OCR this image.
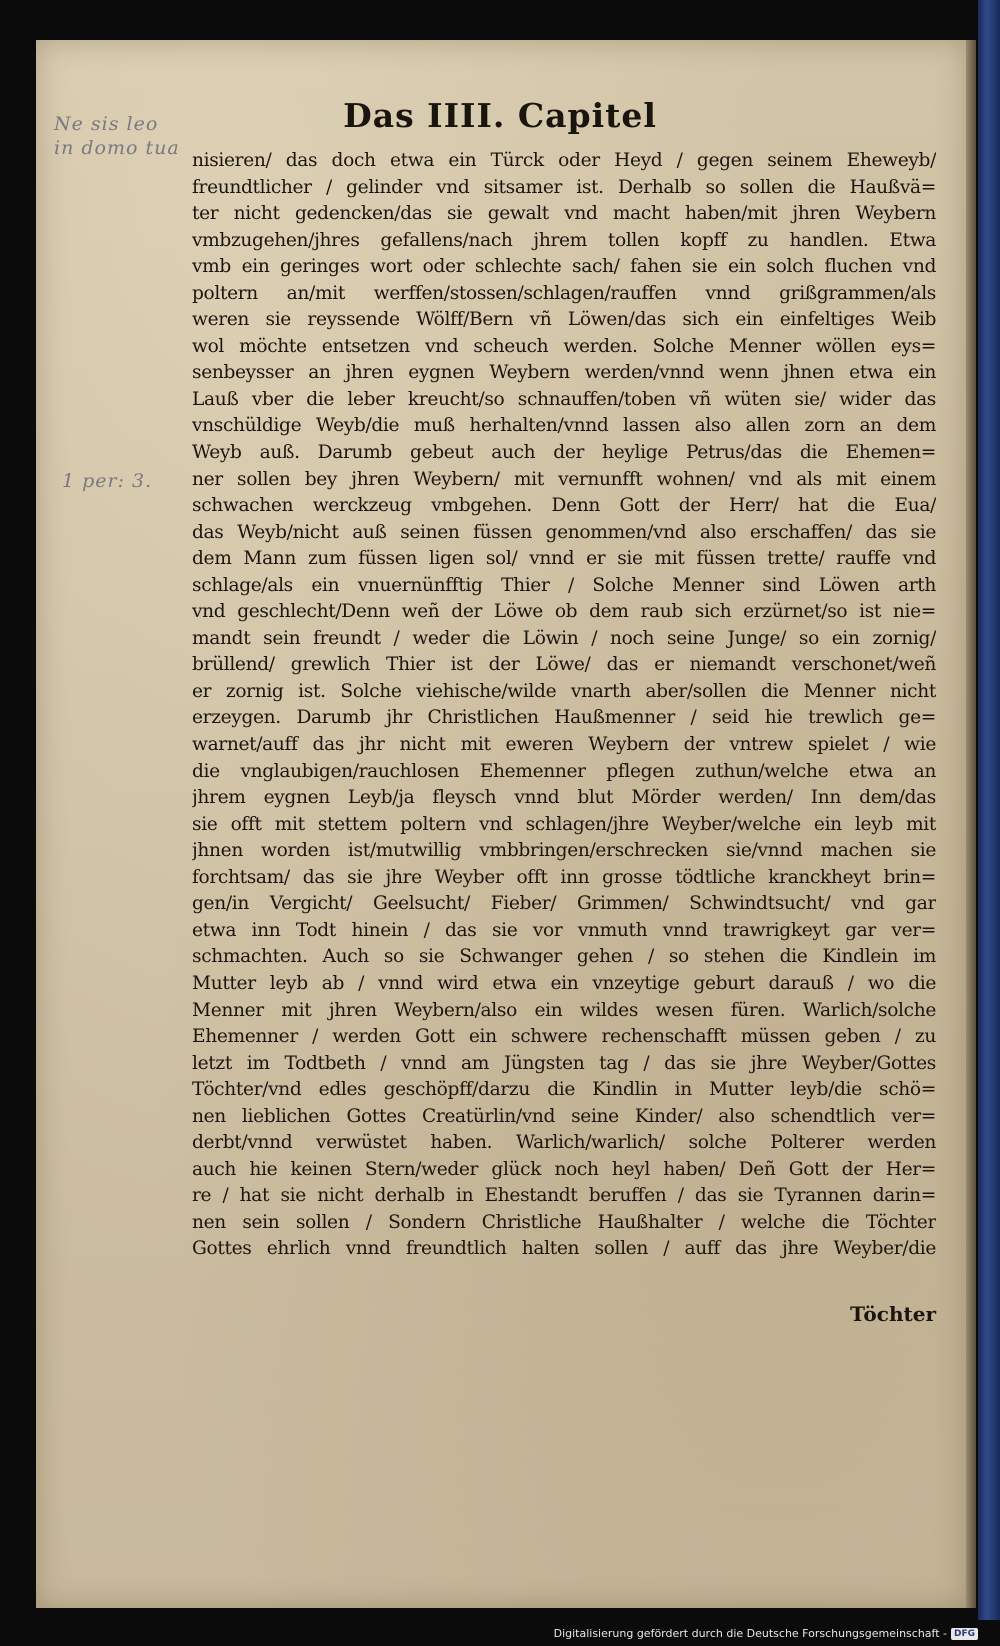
Ne sis leo in domo tua
1 per: 3.
Das IIII. Capitel
nisieren/ das doch etwa ein Türck oder Heyd / gegen seinem Eheweyb/
freundtlicher / gelinder vnd sitsamer ist. Derhalb so sollen die Haußvä=
ter nicht gedencken/das sie gewalt vnd macht haben/mit jhren Weybern
vmbzugehen/jhres gefallens/nach jhrem tollen kopff zu handlen. Etwa
vmb ein geringes wort oder schlechte sach/ fahen sie ein solch fluchen vnd
poltern an/mit werffen/stossen/schlagen/rauffen vnnd grißgrammen/als
weren sie reyssende Wölff/Bern vñ Löwen/das sich ein einfeltiges Weib
wol möchte entsetzen vnd scheuch werden. Solche Menner wöllen eys=
senbeysser an jhren eygnen Weybern werden/vnnd wenn jhnen etwa ein
Lauß vber die leber kreucht/so schnauffen/toben vñ wüten sie/ wider das
vnschüldige Weyb/die muß herhalten/vnnd lassen also allen zorn an dem
Weyb auß. Darumb gebeut auch der heylige Petrus/das die Ehemen=
ner sollen bey jhren Weybern/ mit vernunfft wohnen/ vnd als mit einem
schwachen werckzeug vmbgehen. Denn Gott der Herr/ hat die Eua/
das Weyb/nicht auß seinen füssen genommen/vnd also erschaffen/ das sie
dem Mann zum füssen ligen sol/ vnnd er sie mit füssen trette/ rauffe vnd
schlage/als ein vnuernünfftig Thier / Solche Menner sind Löwen arth
vnd geschlecht/Denn weñ der Löwe ob dem raub sich erzürnet/so ist nie=
mandt sein freundt / weder die Löwin / noch seine Junge/ so ein zornig/
brüllend/ grewlich Thier ist der Löwe/ das er niemandt verschonet/weñ
er zornig ist. Solche viehische/wilde vnarth aber/sollen die Menner nicht
erzeygen. Darumb jhr Christlichen Haußmenner / seid hie trewlich ge=
warnet/auff das jhr nicht mit eweren Weybern der vntrew spielet / wie
die vnglaubigen/rauchlosen Ehemenner pflegen zuthun/welche etwa an
jhrem eygnen Leyb/ja fleysch vnnd blut Mörder werden/ Inn dem/das
sie offt mit stettem poltern vnd schlagen/jhre Weyber/welche ein leyb mit
jhnen worden ist/mutwillig vmbbringen/erschrecken sie/vnnd machen sie
forchtsam/ das sie jhre Weyber offt inn grosse tödtliche kranckheyt brin=
gen/in Vergicht/ Geelsucht/ Fieber/ Grimmen/ Schwindtsucht/ vnd gar
etwa inn Todt hinein / das sie vor vnmuth vnnd trawrigkeyt gar ver=
schmachten. Auch so sie Schwanger gehen / so stehen die Kindlein im
Mutter leyb ab / vnnd wird etwa ein vnzeytige geburt darauß / wo die
Menner mit jhren Weybern/also ein wildes wesen füren. Warlich/solche
Ehemenner / werden Gott ein schwere rechenschafft müssen geben / zu
letzt im Todtbeth / vnnd am Jüngsten tag / das sie jhre Weyber/Gottes
Töchter/vnd edles geschöpff/darzu die Kindlin in Mutter leyb/die schö=
nen lieblichen Gottes Creatürlin/vnd seine Kinder/ also schendtlich ver=
derbt/vnnd verwüstet haben. Warlich/warlich/ solche Polterer werden
auch hie keinen Stern/weder glück noch heyl haben/ Deñ Gott der Her=
re / hat sie nicht derhalb in Ehestandt beruffen / das sie Tyrannen darin=
nen sein sollen / Sondern Christliche Haußhalter / welche die Töchter
Gottes ehrlich vnnd freundtlich halten sollen / auff das jhre Weyber/die
Töchter
Digitalisierung gefördert durch die Deutsche Forschungsgemeinschaft - DFG
